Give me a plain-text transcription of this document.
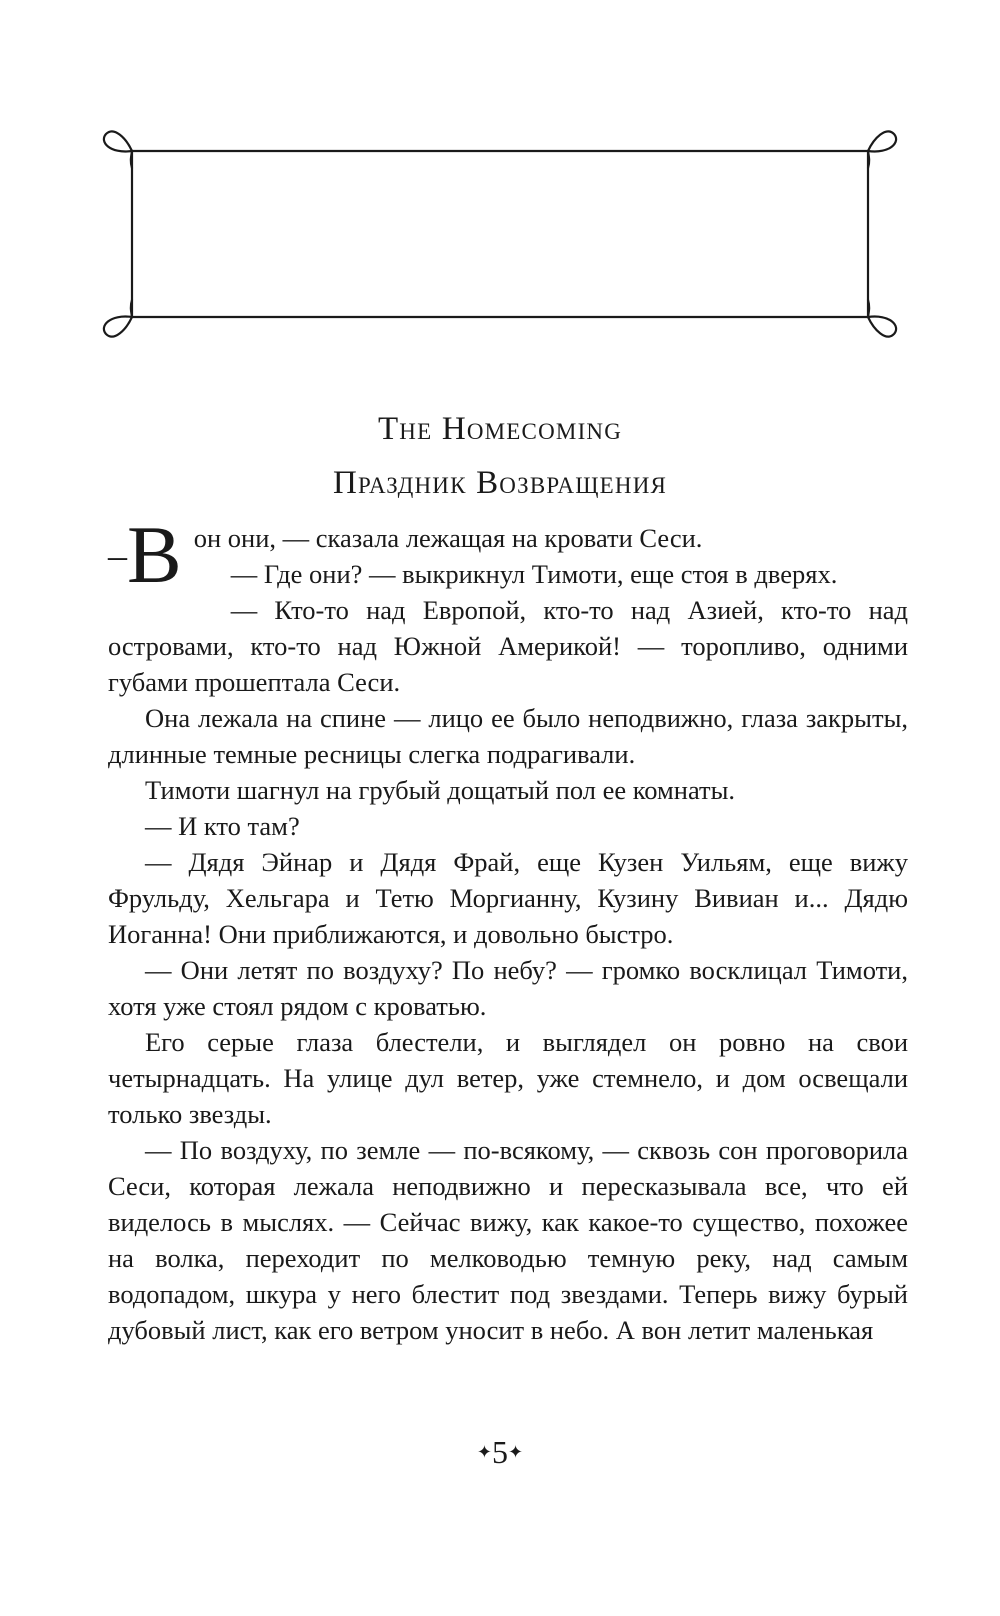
The Homecoming
Праздник Возвращения

–В он они, — сказала лежащая на кровати Сеси.

— Где они? — выкрикнул Тимоти, еще стоя в дверях.

— Кто-то над Европой, кто-то над Азией, кто-то над островами, кто-то над Южной Америкой! — торопливо, одними губами прошептала Сеси.

Она лежала на спине — лицо ее было неподвижно, глаза закрыты, длинные темные ресницы слегка подрагивали.

Тимоти шагнул на грубый дощатый пол ее комнаты.

— И кто там?

— Дядя Эйнар и Дядя Фрай, еще Кузен Уильям, еще вижу Фрульду, Хельгара и Тетю Моргианну, Кузину Вивиан и... Дядю Иоганна! Они приближаются, и довольно быстро.

— Они летят по воздуху? По небу? — громко восклицал Тимоти, хотя уже стоял рядом с кроватью.

Его серые глаза блестели, и выглядел он ровно на свои четырнадцать. На улице дул ветер, уже стемнело, и дом освещали только звезды.

— По воздуху, по земле — по-всякому, — сквозь сон проговорила Сеси, которая лежала неподвижно и пересказывала все, что ей виделось в мыслях. — Сейчас вижу, как какое-то существо, похожее на волка, переходит по мелководью темную реку, над самым водопадом, шкура у него блестит под звездами. Теперь вижу бурый дубовый лист, как его ветром уносит в небо. А вон летит маленькая

✦5✦
